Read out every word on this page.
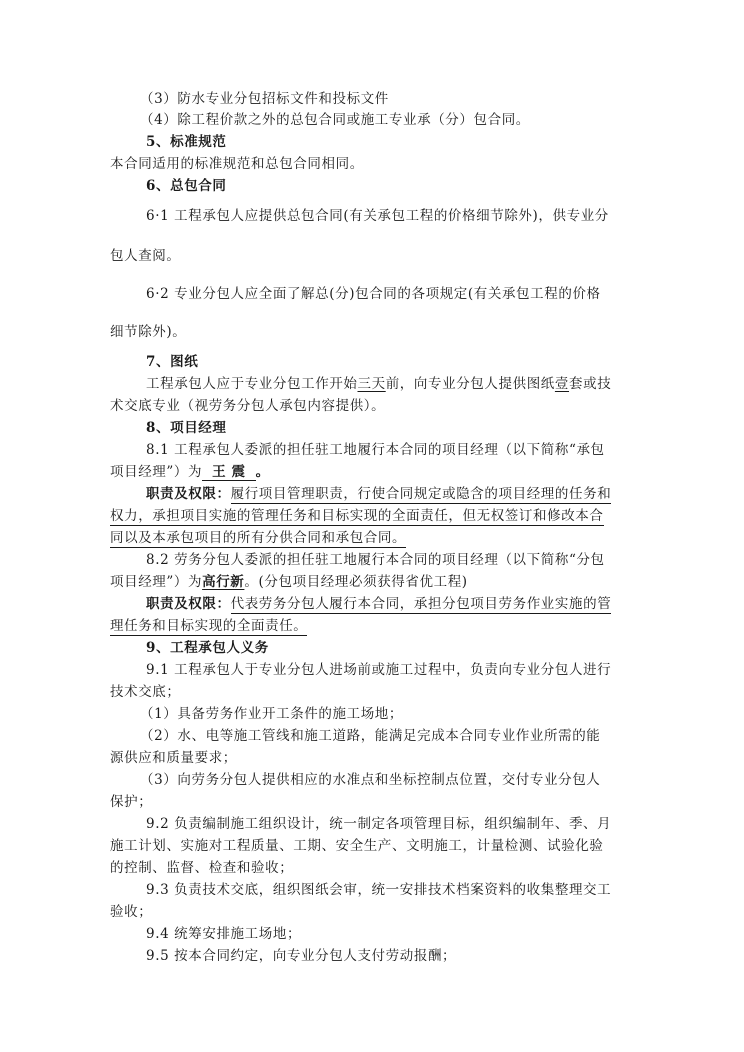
（3）防水专业分包招标文件和投标文件
（4）除工程价款之外的总包合同或施工专业承（分）包合同。
5、标准规范
本合同适用的标准规范和总包合同相同。
6、总包合同
6·1 工程承包人应提供总包合同(有关承包工程的价格细节除外)，供专业分
包人查阅。
6·2 专业分包人应全面了解总(分)包合同的各项规定(有关承包工程的价格
细节除外)。
7、图纸
工程承包人应于专业分包工作开始三天前，向专业分包人提供图纸壹套或技
术交底专业（视劳务分包人承包内容提供）。
8、项目经理
8.1 工程承包人委派的担任驻工地履行本合同的项目经理（以下简称“承包
项目经理”）为 王 震 。
职责及权限：履行项目管理职责，行使合同规定或隐含的项目经理的任务和
权力，承担项目实施的管理任务和目标实现的全面责任，但无权签订和修改本合
同以及本承包项目的所有分供合同和承包合同。
8.2 劳务分包人委派的担任驻工地履行本合同的项目经理（以下简称“分包
项目经理”）为高行新。(分包项目经理必须获得省优工程)
职责及权限：代表劳务分包人履行本合同，承担分包项目劳务作业实施的管
理任务和目标实现的全面责任。
9、工程承包人义务
9.1 工程承包人于专业分包人进场前或施工过程中，负责向专业分包人进行
技术交底；
（1）具备劳务作业开工条件的施工场地；
（2）水、电等施工管线和施工道路，能满足完成本合同专业作业所需的能
源供应和质量要求；
（3）向劳务分包人提供相应的水准点和坐标控制点位置，交付专业分包人
保护；
9.2 负责编制施工组织设计，统一制定各项管理目标，组织编制年、季、月
施工计划、实施对工程质量、工期、安全生产、文明施工，计量检测、试验化验
的控制、监督、检查和验收；
9.3 负责技术交底，组织图纸会审，统一安排技术档案资料的收集整理交工
验收；
9.4 统筹安排施工场地；
9.5 按本合同约定，向专业分包人支付劳动报酬；
